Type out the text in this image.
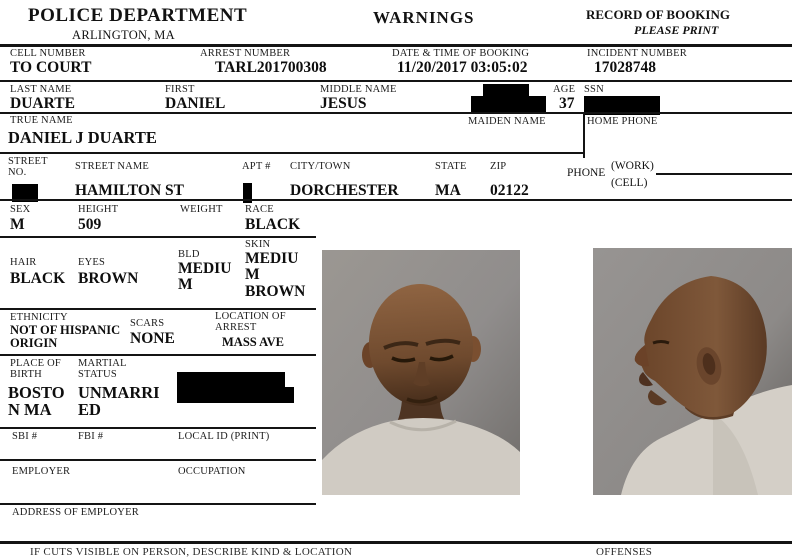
POLICE DEPARTMENT
ARLINGTON, MA
WARNINGS	RECORD OF BOOKING
PLEASE PRINT
CELL NUMBER
TO COURT
ARREST NUMBER
TARL201700308
DATE & TIME OF BOOKING
11/20/2017 03:05:02
INCIDENT NUMBER
17028748
LAST NAME
DUARTE
FIRST
DANIEL
MIDDLE NAME
JESUS
AGE
37
SSN
TRUE NAME
DANIEL J DUARTE
MAIDEN NAME	HOME PHONE
STREET NO.
STREET NAME
HAMILTON ST
APT # CITY/TOWN
DORCHESTER
STATE
MA
ZIP
02122
PHONE
(WORK)
(CELL)
SEX
M
HEIGHT
509
WEIGHT RACE
BLACK
HAIR
BLACK
EYES
BROWN
BLD
MEDIUM
SKIN
MEDIUM BROWN
ETHNICITY
NOT OF HISPANIC ORIGIN
SCARS
NONE
LOCATION OF ARREST
MASS AVE
PLACE OF BIRTH
BOSTON MA
MARTIAL STATUS
UNMARRIED
SBI #	FBI #	LOCAL ID (PRINT)
EMPLOYER	OCCUPATION
ADDRESS OF EMPLOYER
IF CUTS VISIBLE ON PERSON, DESCRIBE KIND & LOCATION	OFFENSES
